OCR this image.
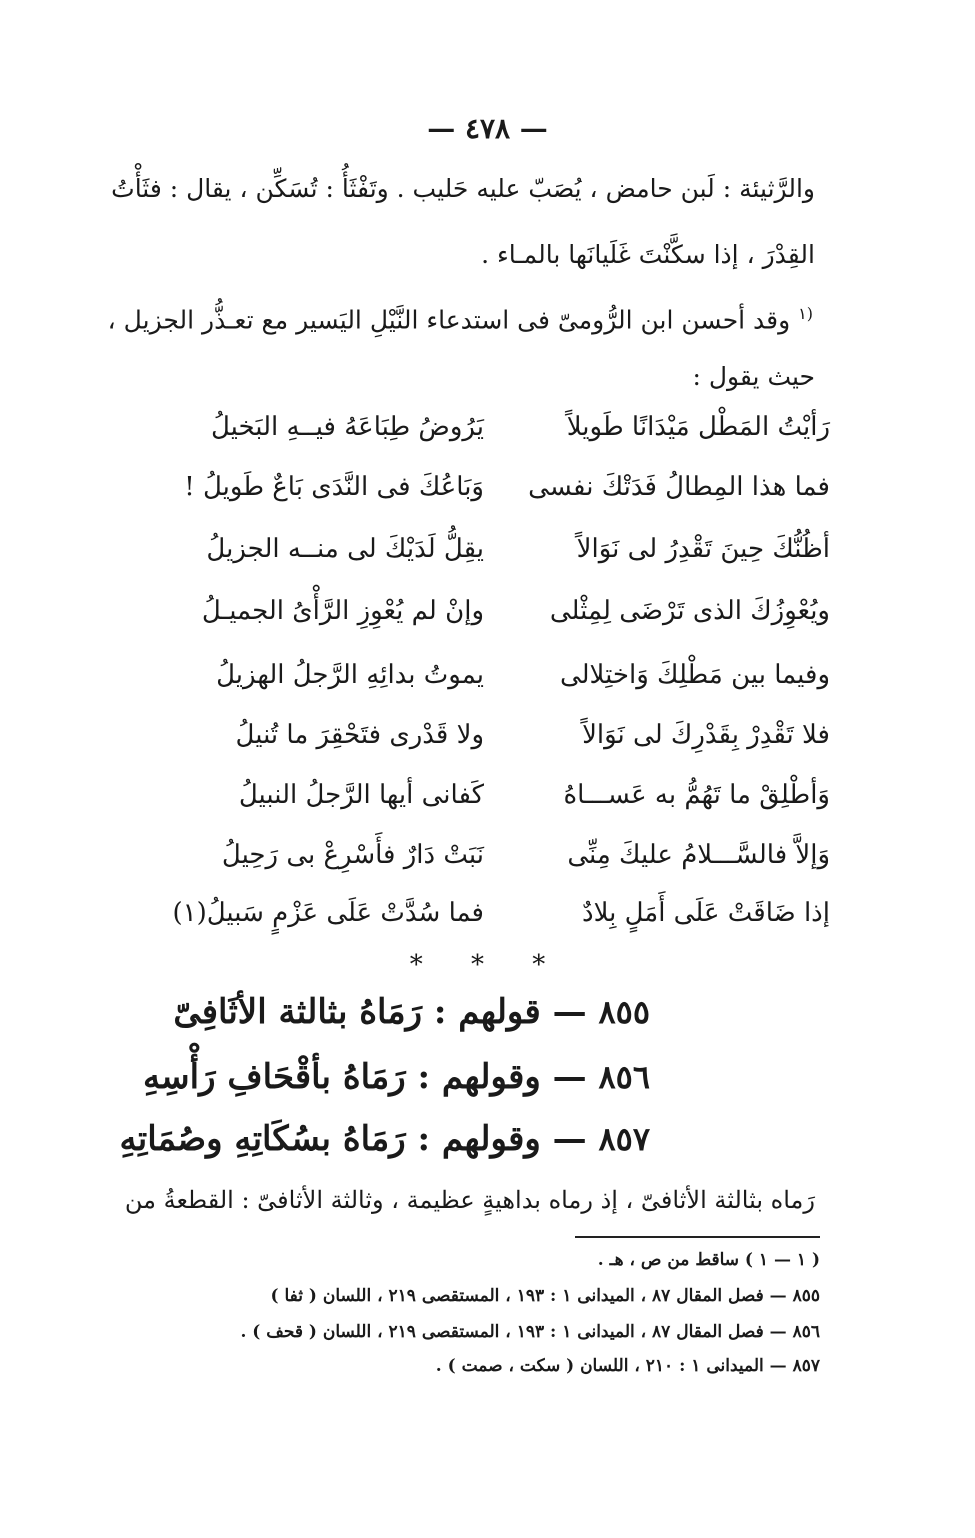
— ٤٧٨ —
والرَّثيئة : لَبن حامض ، يُصَبّ عليه حَليب . وتَفْثَأُ : تُسَكِّن ، يقال : فثَأْتُ
القِدْرَ ، إذا سكَّنْتَ غَلَيانَها بالمـاء .
$^{(١}$ وقد أحسن ابن الرُّومىّ فى استدعاء النَّيْلِ اليَسير مع تعـذُّر الجزيل ،
حيث يقول :
رَأيْتُ المَطْل مَيْدَانًا طَويلاً
يَرُوضُ طِبَاعَهُ فيــهِ البَخيلُ
فما هذا المِطالُ فَدَتْكَ نفسى
وَبَاعُكَ فى النَّدَى بَاعٌ طَويلُ !
أظُنُّكَ حِينَ تَقْدِرُ لى نَوَالاً
يقِلُّ لَدَيْكَ لى منــه الجزيلُ
ويُعْوِزُكَ الذى تَرْضَى لِمِثْلى
وإنْ لم يُعْوِزِ الرَّأْىُ الجميـلُ
وفيما بين مَطْلِكَ وَاختِلالى
يموتُ بدائِهِ الرَّجلُ الهزيلُ
فلا تَقْدِرْ بِقَدْرِكَ لى نَوَالاً
ولا قَدْرى فتَحْقِرَ ما تُنيلُ
وَأطْلِقْ ما تَهُمُّ به عَســـاهُ
كَفانى أيها الرَّجلُ النبيلُ
وَإلاَّ فالسَّـــلامُ عليكَ مِنِّى
نَبَتْ دَارٌ فأَسْرِعْ بى رَحِيلُ
إذا ضَاقَتْ عَلَى أَمَلٍ بِلادٌ
فما سُدَّتْ عَلَى عَزْمٍ سَبيلُ(١)
* * *
٨٥٥ — قولهم : رَمَاهُ بثالثة الأثَافِىّ
٨٥٦ — وقولهم : رَمَاهُ بأقْحَافِ رَأْسِهِ
٨٥٧ — وقولهم : رَمَاهُ بسُكَاتِهِ وصُمَاتِهِ
رَماه بثالثة الأثافىّ ، إذ رماه بداهيةٍ عظيمة ، وثالثة الأثافىّ : القطعةُ من
( ١ — ١ ) ساقط من ص ، هـ .
٨٥٥ — فصل المقال ٨٧ ، الميدانى ١ : ١٩٣ ، المستقصى ٢١٩ ، اللسان ( ثفا )
٨٥٦ — فصل المقال ٨٧ ، الميدانى ١ : ١٩٣ ، المستقصى ٢١٩ ، اللسان ( قحف ) .
٨٥٧ — الميدانى ١ : ٢١٠ ، اللسان ( سكت ، صمت ) .
